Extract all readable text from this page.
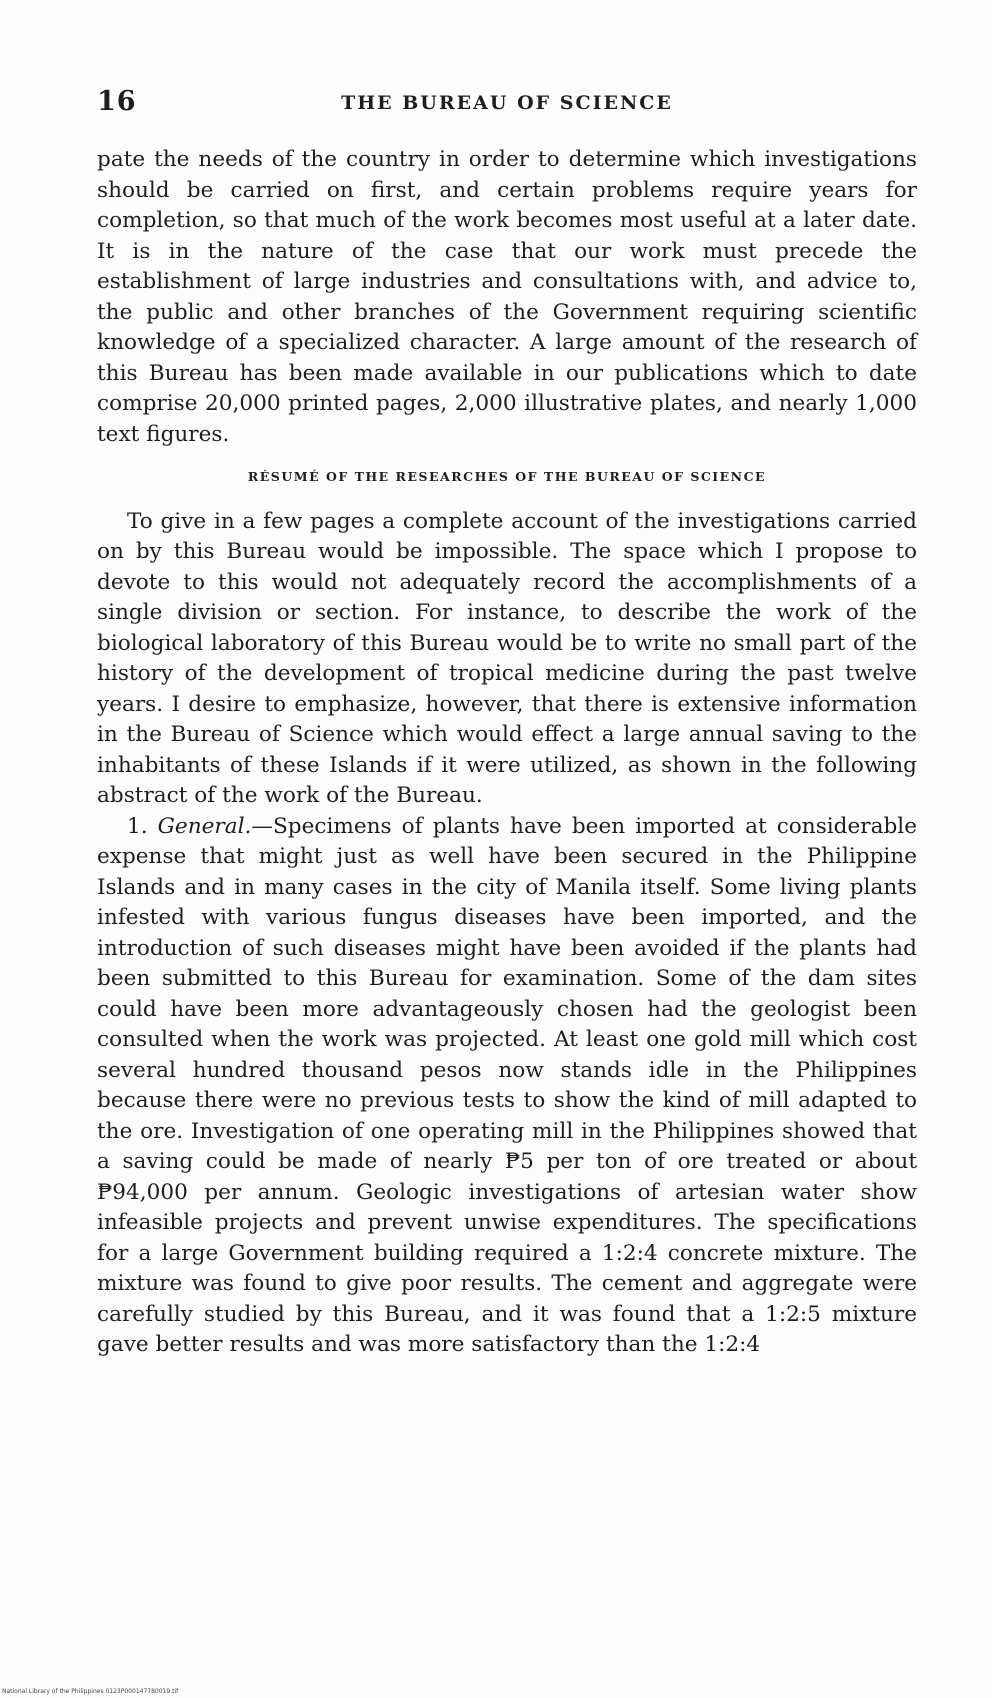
16	THE BUREAU OF SCIENCE

pate the needs of the country in order to determine which investigations should be carried on first, and certain problems require years for completion, so that much of the work becomes most useful at a later date. It is in the nature of the case that our work must precede the establishment of large industries and consultations with, and advice to, the public and other branches of the Government requiring scientific knowledge of a specialized character. A large amount of the research of this Bureau has been made available in our publications which to date comprise 20,000 printed pages, 2,000 illustrative plates, and nearly 1,000 text figures.

RÉSUMÉ OF THE RESEARCHES OF THE BUREAU OF SCIENCE

To give in a few pages a complete account of the investigations carried on by this Bureau would be impossible. The space which I propose to devote to this would not adequately record the accomplishments of a single division or section. For instance, to describe the work of the biological laboratory of this Bureau would be to write no small part of the history of the development of tropical medicine during the past twelve years. I desire to emphasize, however, that there is extensive information in the Bureau of Science which would effect a large annual saving to the inhabitants of these Islands if it were utilized, as shown in the following abstract of the work of the Bureau.

1. General.—Specimens of plants have been imported at considerable expense that might just as well have been secured in the Philippine Islands and in many cases in the city of Manila itself. Some living plants infested with various fungus diseases have been imported, and the introduction of such diseases might have been avoided if the plants had been submitted to this Bureau for examination. Some of the dam sites could have been more advantageously chosen had the geologist been consulted when the work was projected. At least one gold mill which cost several hundred thousand pesos now stands idle in the Philippines because there were no previous tests to show the kind of mill adapted to the ore. Investigation of one operating mill in the Philippines showed that a saving could be made of nearly ₱5 per ton of ore treated or about ₱94,000 per annum. Geologic investigations of artesian water show infeasible projects and prevent unwise expenditures. The specifications for a large Government building required a 1:2:4 concrete mixture. The mixture was found to give poor results. The cement and aggregate were carefully studied by this Bureau, and it was found that a 1:2:5 mixture gave better results and was more satisfactory than the 1:2:4

National Library of the Philippines 0123P000147780019.tif
